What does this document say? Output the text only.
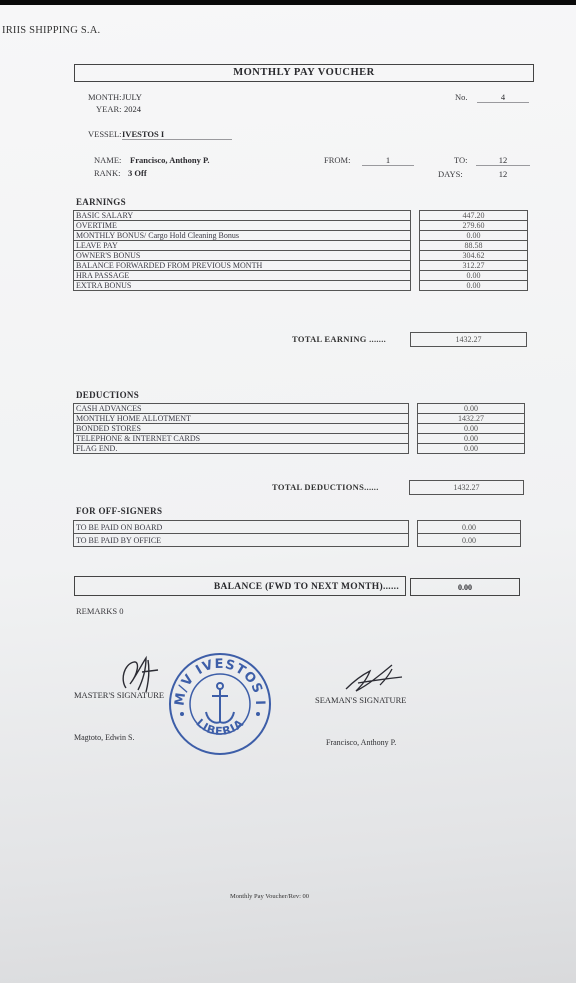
IRIIS SHIPPING S.A.
MONTHLY PAY VOUCHER
MONTH: JULY
YEAR: 2024
No.	4
VESSEL: IVESTOS I
NAME: Francisco, Anthony P.
RANK: 3 Off
FROM:	1	TO:	12
DAYS:	12
EARNINGS
BASIC SALARY		447.20
OVERTIME		279.60
MONTHLY BONUS/ Cargo Hold Cleaning Bonus		0.00
LEAVE PAY		88.58
OWNER'S BONUS		304.62
BALANCE FORWARDED FROM PREVIOUS MONTH		312.27
HRA PASSAGE		0.00
EXTRA BONUS		0.00
TOTAL EARNING .......	1432.27
DEDUCTIONS
CASH ADVANCES		0.00
MONTHLY HOME ALLOTMENT		1432.27
BONDED STORES		0.00
TELEPHONE & INTERNET CARDS		0.00
FLAG END.		0.00
TOTAL DEDUCTIONS......	1432.27
FOR OFF-SIGNERS
TO BE PAID ON BOARD		0.00
TO BE PAID BY OFFICE		0.00
BALANCE (FWD TO NEXT MONTH)......	0.00
REMARKS 0
MASTER'S SIGNATURE
Magtoto, Edwin S.
M/V IVESTOS I
LIBERIA
SEAMAN'S SIGNATURE
Francisco, Anthony P.
Monthly Pay Voucher/Rev: 00
